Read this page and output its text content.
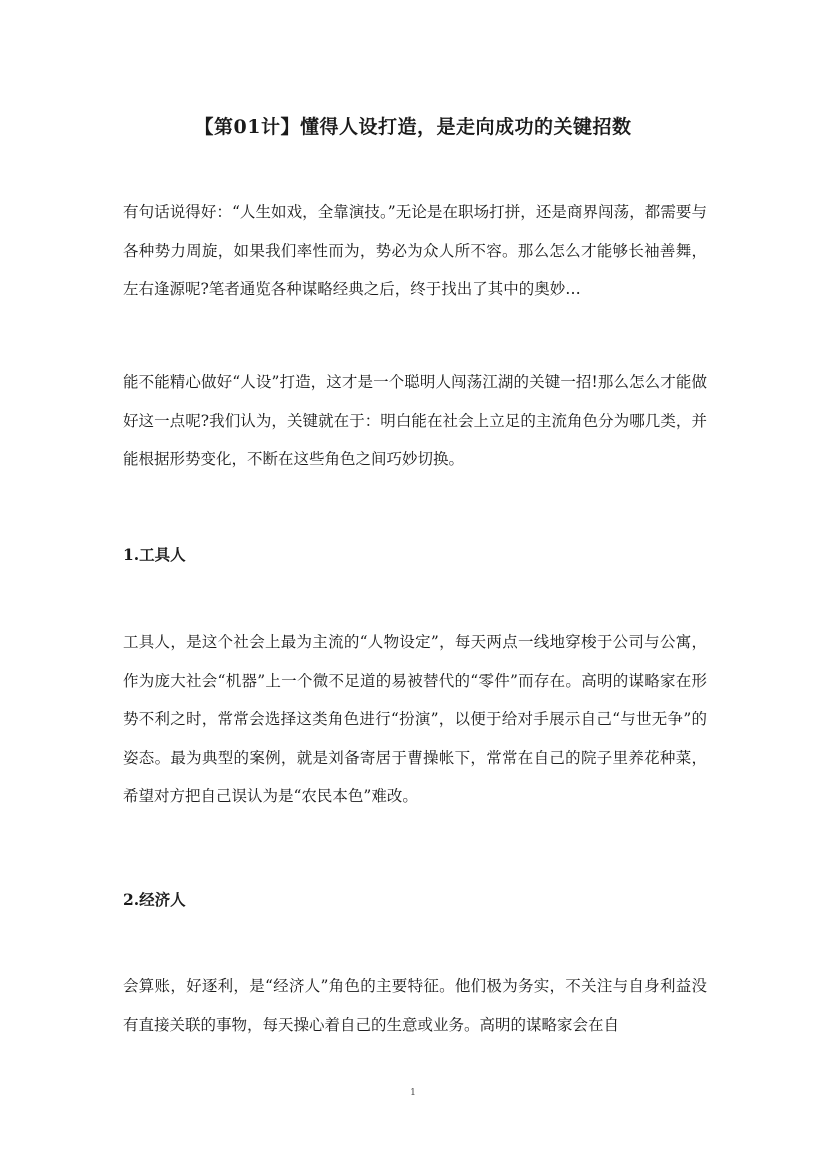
【第01计】懂得人设打造，是走向成功的关键招数

有句话说得好：“人生如戏，全靠演技。”无论是在职场打拼，还是商界闯荡，都需要与各种势力周旋，如果我们率性而为，势必为众人所不容。那么怎么才能够长袖善舞，左右逢源呢?笔者通览各种谋略经典之后，终于找出了其中的奥妙…

能不能精心做好“人设”打造，这才是一个聪明人闯荡江湖的关键一招!那么怎么才能做好这一点呢?我们认为，关键就在于：明白能在社会上立足的主流角色分为哪几类，并能根据形势变化，不断在这些角色之间巧妙切换。

1.工具人

工具人，是这个社会上最为主流的“人物设定”，每天两点一线地穿梭于公司与公寓，作为庞大社会“机器”上一个微不足道的易被替代的“零件”而存在。高明的谋略家在形势不利之时，常常会选择这类角色进行“扮演”，以便于给对手展示自己“与世无争”的姿态。最为典型的案例，就是刘备寄居于曹操帐下，常常在自己的院子里养花种菜，希望对方把自己误认为是“农民本色”难改。

2.经济人

会算账，好逐利，是“经济人”角色的主要特征。他们极为务实，不关注与自身利益没有直接关联的事物，每天操心着自己的生意或业务。高明的谋略家会在自

1
